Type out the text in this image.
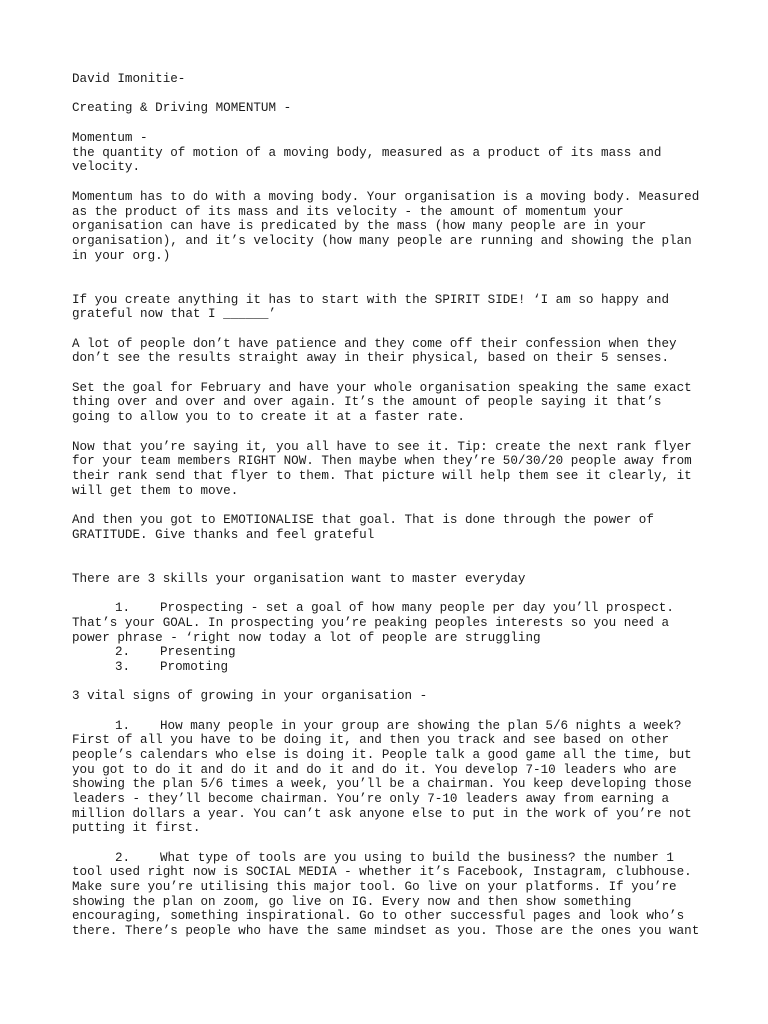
David Imonitie-

Creating & Driving MOMENTUM -

Momentum -

the quantity of motion of a moving body, measured as a product of its mass and

velocity.

Momentum has to do with a moving body. Your organisation is a moving body. Measured

as the product of its mass and its velocity - the amount of momentum your

organisation can have is predicated by the mass (how many people are in your

organisation), and it’s velocity (how many people are running and showing the plan

in your org.)

If you create anything it has to start with the SPIRIT SIDE! ‘I am so happy and

grateful now that I ______’

A lot of people don’t have patience and they come off their confession when they

don’t see the results straight away in their physical, based on their 5 senses.

Set the goal for February and have your whole organisation speaking the same exact

thing over and over and over again. It’s the amount of people saying it that’s

going to allow you to to create it at a faster rate.

Now that you’re saying it, you all have to see it. Tip: create the next rank flyer

for your team members RIGHT NOW. Then maybe when they’re 50/30/20 people away from

their rank send that flyer to them. That picture will help them see it clearly, it

will get them to move.

And then you got to EMOTIONALISE that goal. That is done through the power of

GRATITUDE. Give thanks and feel grateful

There are 3 skills your organisation want to master everyday

1. Prospecting - set a goal of how many people per day you’ll prospect.

That’s your GOAL. In prospecting you’re peaking peoples interests so you need a

power phrase - ‘right now today a lot of people are struggling

2. Presenting

3. Promoting

3 vital signs of growing in your organisation -

1. How many people in your group are showing the plan 5/6 nights a week?

First of all you have to be doing it, and then you track and see based on other

people’s calendars who else is doing it. People talk a good game all the time, but

you got to do it and do it and do it and do it. You develop 7-10 leaders who are

showing the plan 5/6 times a week, you’ll be a chairman. You keep developing those

leaders - they’ll become chairman. You’re only 7-10 leaders away from earning a

million dollars a year. You can’t ask anyone else to put in the work of you’re not

putting it first.

2. What type of tools are you using to build the business? the number 1

tool used right now is SOCIAL MEDIA - whether it’s Facebook, Instagram, clubhouse.

Make sure you’re utilising this major tool. Go live on your platforms. If you’re

showing the plan on zoom, go live on IG. Every now and then show something

encouraging, something inspirational. Go to other successful pages and look who’s

there. There’s people who have the same mindset as you. Those are the ones you want
